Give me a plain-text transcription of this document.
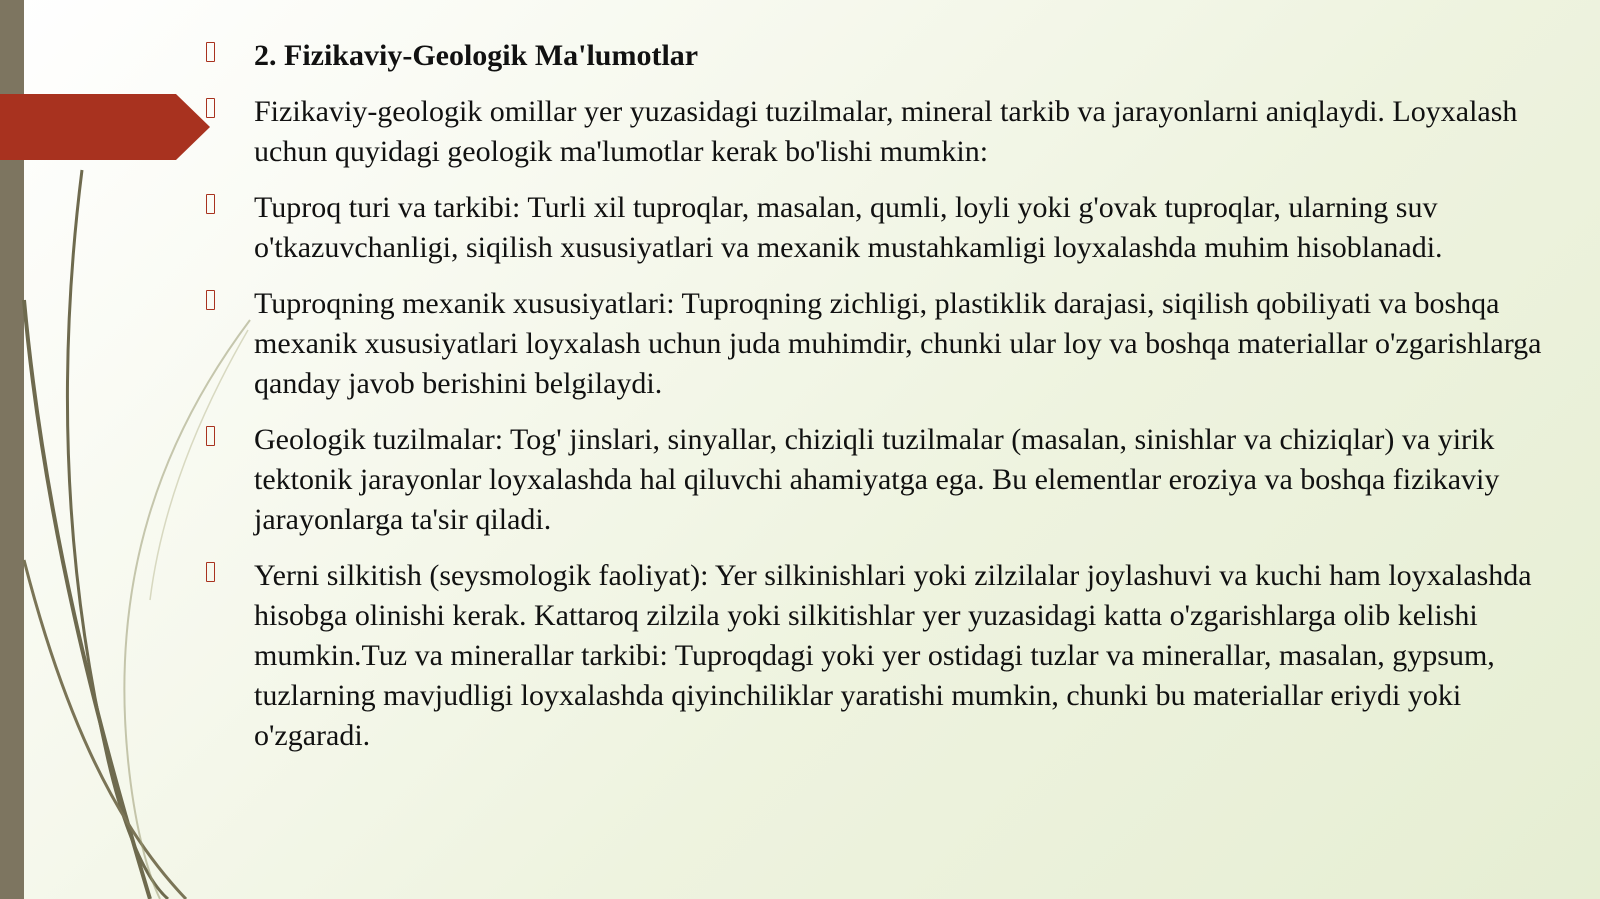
2. Fizikaviy-Geologik Ma'lumotlar
Fizikaviy-geologik omillar yer yuzasidagi tuzilmalar, mineral tarkib va jarayonlarni aniqlaydi. Loyxalash uchun quyidagi geologik ma'lumotlar kerak bo'lishi mumkin:
Tuproq turi va tarkibi: Turli xil tuproqlar, masalan, qumli, loyli yoki g'ovak tuproqlar, ularning suv o'tkazuvchanligi, siqilish xususiyatlari va mexanik mustahkamligi loyxalashda muhim hisoblanadi.
Tuproqning mexanik xususiyatlari: Tuproqning zichligi, plastiklik darajasi, siqilish qobiliyati va boshqa mexanik xususiyatlari loyxalash uchun juda muhimdir, chunki ular loy va boshqa materiallar o'zgarishlarga qanday javob berishini belgilaydi.
Geologik tuzilmalar: Tog' jinslari, sinyallar, chiziqli tuzilmalar (masalan, sinishlar va chiziqlar) va yirik tektonik jarayonlar loyxalashda hal qiluvchi ahamiyatga ega. Bu elementlar eroziya va boshqa fizikaviy jarayonlarga ta'sir qiladi.
Yerni silkitish (seysmologik faoliyat): Yer silkinishlari yoki zilzilalar joylashuvi va kuchi ham loyxalashda hisobga olinishi kerak. Kattaroq zilzila yoki silkitishlar yer yuzasidagi katta o'zgarishlarga olib kelishi mumkin.Tuz va minerallar tarkibi: Tuproqdagi yoki yer ostidagi tuzlar va minerallar, masalan, gypsum, tuzlarning mavjudligi loyxalashda qiyinchiliklar yaratishi mumkin, chunki bu materiallar eriydi yoki o'zgaradi.
